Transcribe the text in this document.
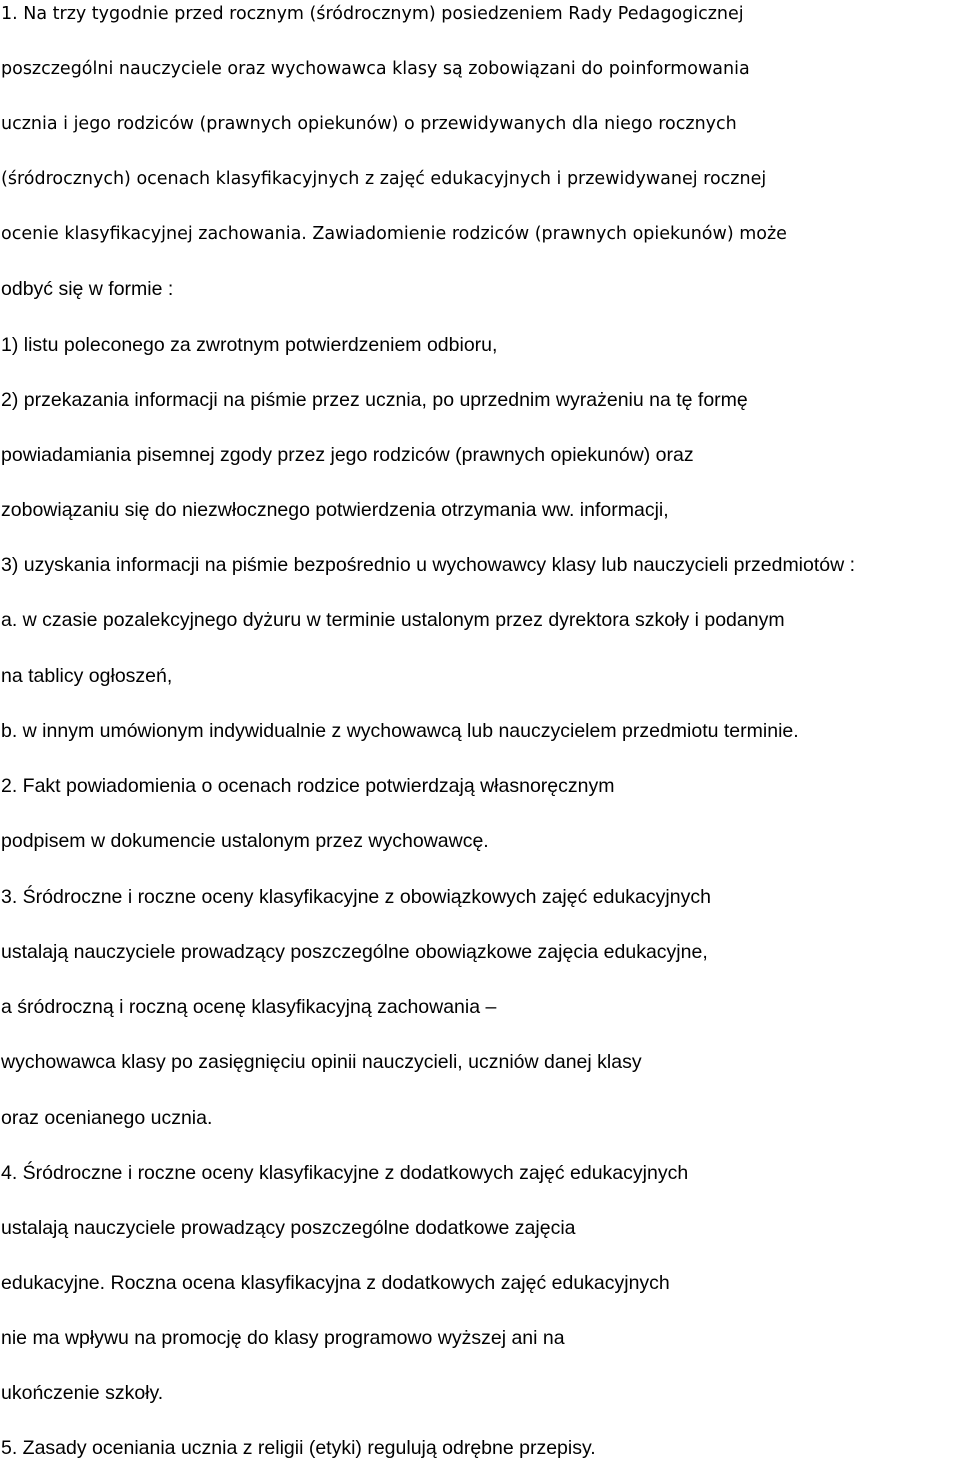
1. Na trzy tygodnie przed rocznym (śródrocznym) posiedzeniem Rady Pedagogicznej
poszczególni nauczyciele oraz wychowawca klasy są zobowiązani do poinformowania
ucznia i jego rodziców (prawnych opiekunów) o przewidywanych dla niego rocznych
(śródrocznych) ocenach klasyfikacyjnych z zajęć edukacyjnych i przewidywanej rocznej
ocenie klasyfikacyjnej zachowania. Zawiadomienie rodziców (prawnych opiekunów) może
odbyć się w formie :
1) listu poleconego za zwrotnym potwierdzeniem odbioru,
2) przekazania informacji na piśmie przez ucznia, po uprzednim wyrażeniu na tę formę
powiadamiania pisemnej zgody przez jego rodziców (prawnych opiekunów) oraz
zobowiązaniu się do niezwłocznego potwierdzenia otrzymania ww. informacji,
3) uzyskania informacji na piśmie bezpośrednio u wychowawcy klasy lub nauczycieli przedmiotów :
a. w czasie pozalekcyjnego dyżuru w terminie ustalonym przez dyrektora szkoły i podanym
na tablicy ogłoszeń,
b. w innym umówionym indywidualnie z wychowawcą lub nauczycielem przedmiotu terminie.
2. Fakt powiadomienia o ocenach rodzice potwierdzają własnoręcznym
podpisem w dokumencie ustalonym przez wychowawcę.
3. Śródroczne i roczne oceny klasyfikacyjne z obowiązkowych zajęć edukacyjnych
ustalają nauczyciele prowadzący poszczególne obowiązkowe zajęcia edukacyjne,
a śródroczną i roczną ocenę klasyfikacyjną zachowania –
wychowawca klasy po zasięgnięciu opinii nauczycieli, uczniów danej klasy
oraz ocenianego ucznia.
4. Śródroczne i roczne oceny klasyfikacyjne z dodatkowych zajęć edukacyjnych
ustalają nauczyciele prowadzący poszczególne dodatkowe zajęcia
edukacyjne. Roczna ocena klasyfikacyjna z dodatkowych zajęć edukacyjnych
nie ma wpływu na promocję do klasy programowo wyższej ani na
ukończenie szkoły.
5. Zasady oceniania ucznia z religii (etyki) regulują odrębne przepisy.
